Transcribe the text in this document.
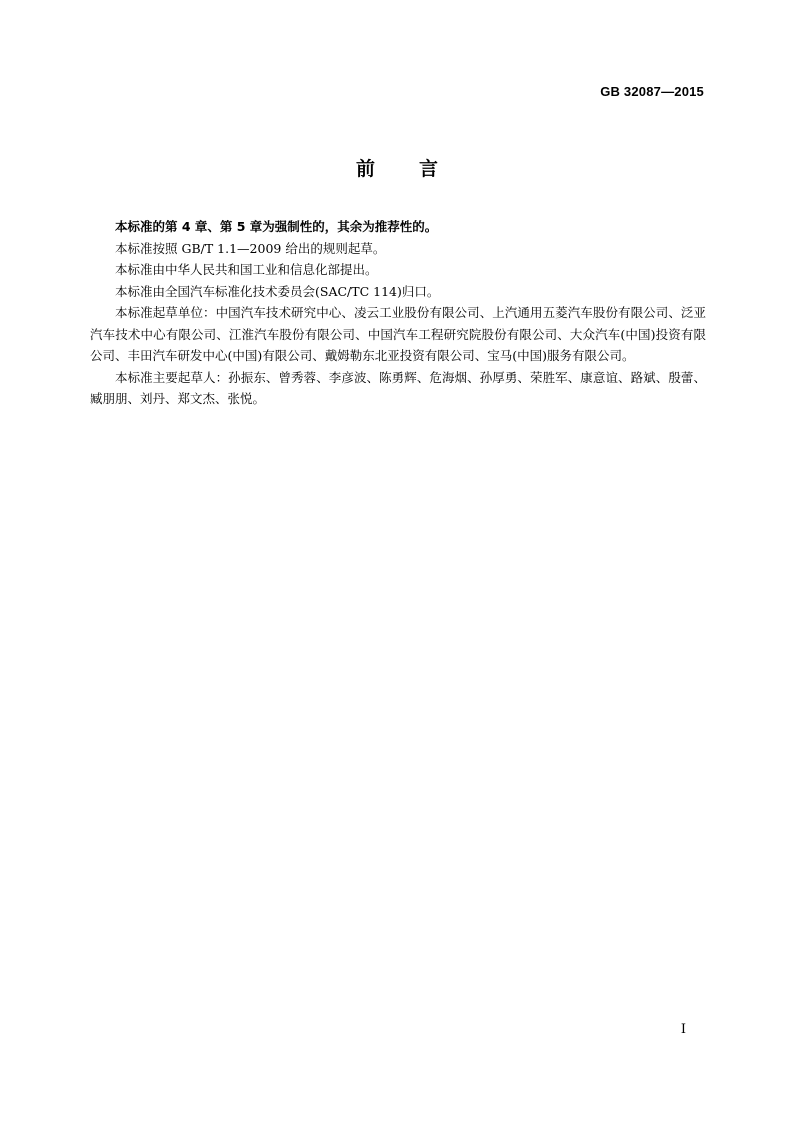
GB 32087—2015
前言

本标准的第 4 章、第 5 章为强制性的，其余为推荐性的。

本标准按照 GB/T 1.1—2009 给出的规则起草。

本标准由中华人民共和国工业和信息化部提出。

本标准由全国汽车标准化技术委员会(SAC/TC 114)归口。

本标准起草单位：中国汽车技术研究中心、凌云工业股份有限公司、上汽通用五菱汽车股份有限公司、泛亚汽车技术中心有限公司、江淮汽车股份有限公司、中国汽车工程研究院股份有限公司、大众汽车(中国)投资有限公司、丰田汽车研发中心(中国)有限公司、戴姆勒东北亚投资有限公司、宝马(中国)服务有限公司。

本标准主要起草人：孙振东、曾秀蓉、李彦波、陈勇辉、危海烟、孙厚勇、荣胜军、康意谊、路斌、殷蕾、臧朋朋、刘丹、郑文杰、张悦。

I
